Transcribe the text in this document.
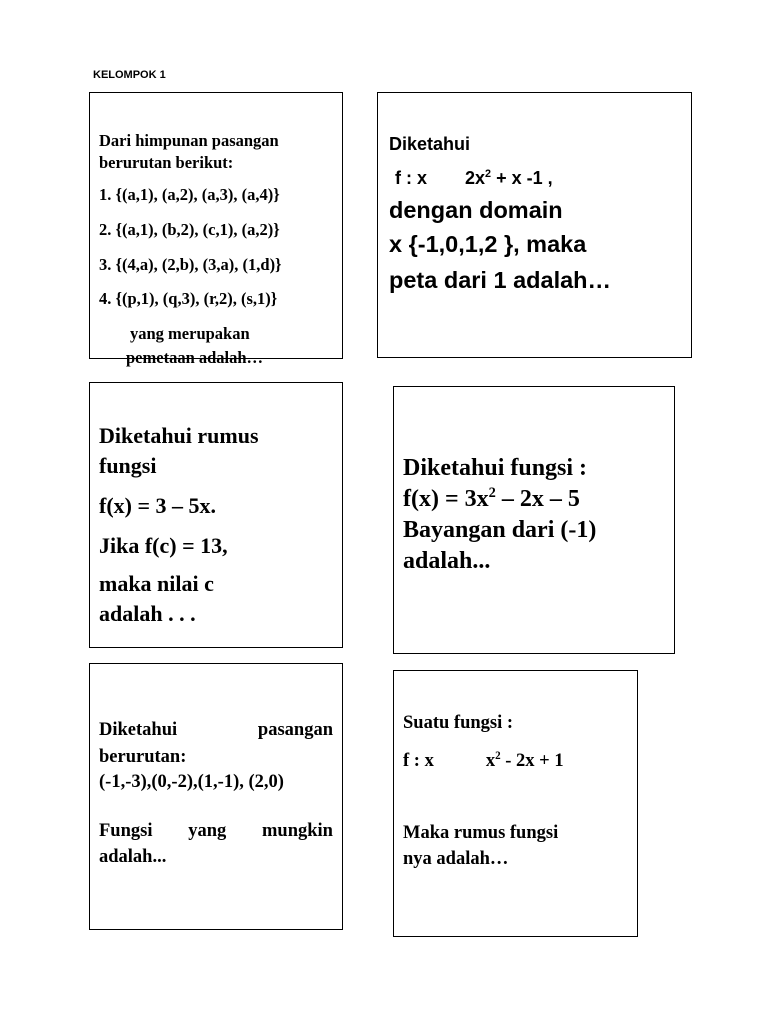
KELOMPOK 1
Dari himpunan pasangan
berurutan berikut:
1. {(a,1), (a,2), (a,3), (a,4)}
2. {(a,1), (b,2), (c,1), (a,2)}
3. {(4,a), (2,b), (3,a), (1,d)}
4. {(p,1), (q,3), (r,2), (s,1)}
yang merupakan
pemetaan adalah…
Diketahui
f : x $2x^2 + x$ -1 ,
dengan domain
x {-1,0,1,2 }, maka
peta dari 1 adalah…
Diketahui rumus
fungsi
f(x) = 3 – 5x.
Jika f(c) = 13,
maka nilai c
adalah . . .
Diketahui fungsi :
$f(x) = 3x^2 - 2x - 5$
Bayangan dari (-1)
adalah...
Diketahui	pasangan
berurutan:
(-1,-3),(0,-2),(1,-1), (2,0)
Fungsi yang mungkin
adalah...
Suatu fungsi :
f : x	$x^2 - 2x + 1$
Maka rumus fungsi
nya adalah…
